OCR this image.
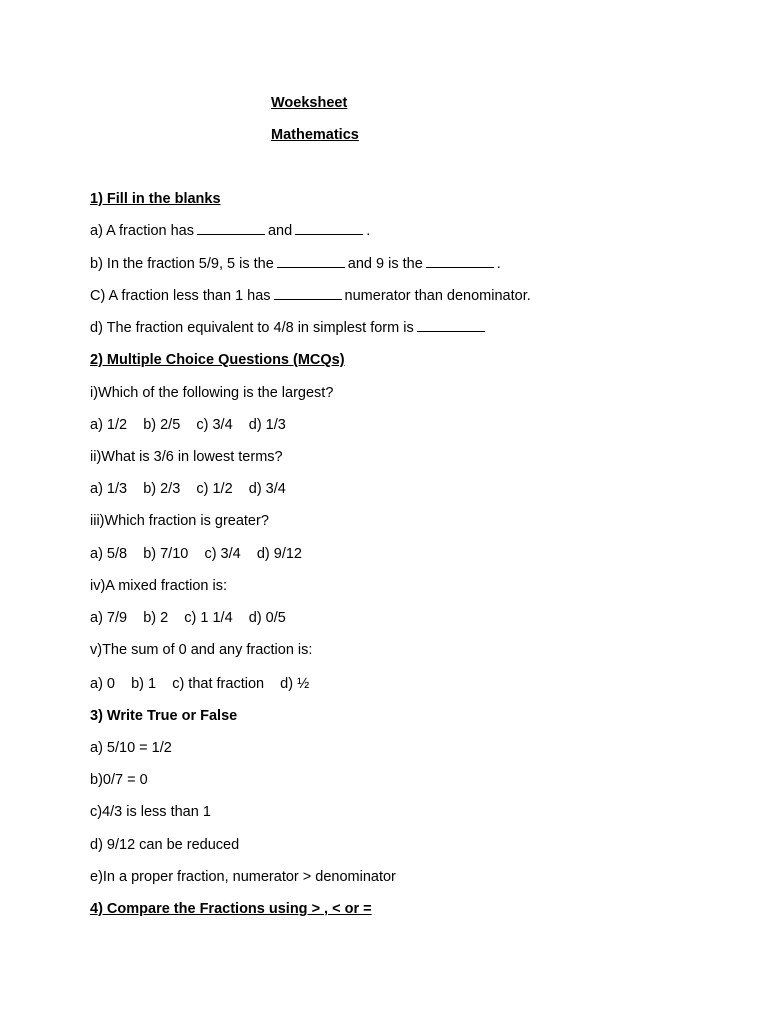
Woeksheet
Mathematics
1) Fill in the blanks
a) A fraction has	and	.
b) In the fraction 5/9, 5 is the	and 9 is the	.
C) A fraction less than 1 has	numerator than denominator.
d) The fraction equivalent to 4/8 in simplest form is
2) Multiple Choice Questions (MCQs)
i)Which of the following is the largest?
a) 1/2    b) 2/5    c) 3/4    d) 1/3
ii)What is 3/6 in lowest terms?
a) 1/3    b) 2/3    c) 1/2    d) 3/4
iii)Which fraction is greater?
a) 5/8    b) 7/10    c) 3/4    d) 9/12
iv)A mixed fraction is:
a) 7/9    b) 2    c) 1 1/4    d) 0/5
v)The sum of 0 and any fraction is:
a) 0    b) 1    c) that fraction    d) ½
3) Write True or False
a) 5/10 = 1/2
b)0/7 = 0
c)4/3 is less than 1
d) 9/12 can be reduced
e)In a proper fraction, numerator > denominator
4) Compare the Fractions using > , < or =
